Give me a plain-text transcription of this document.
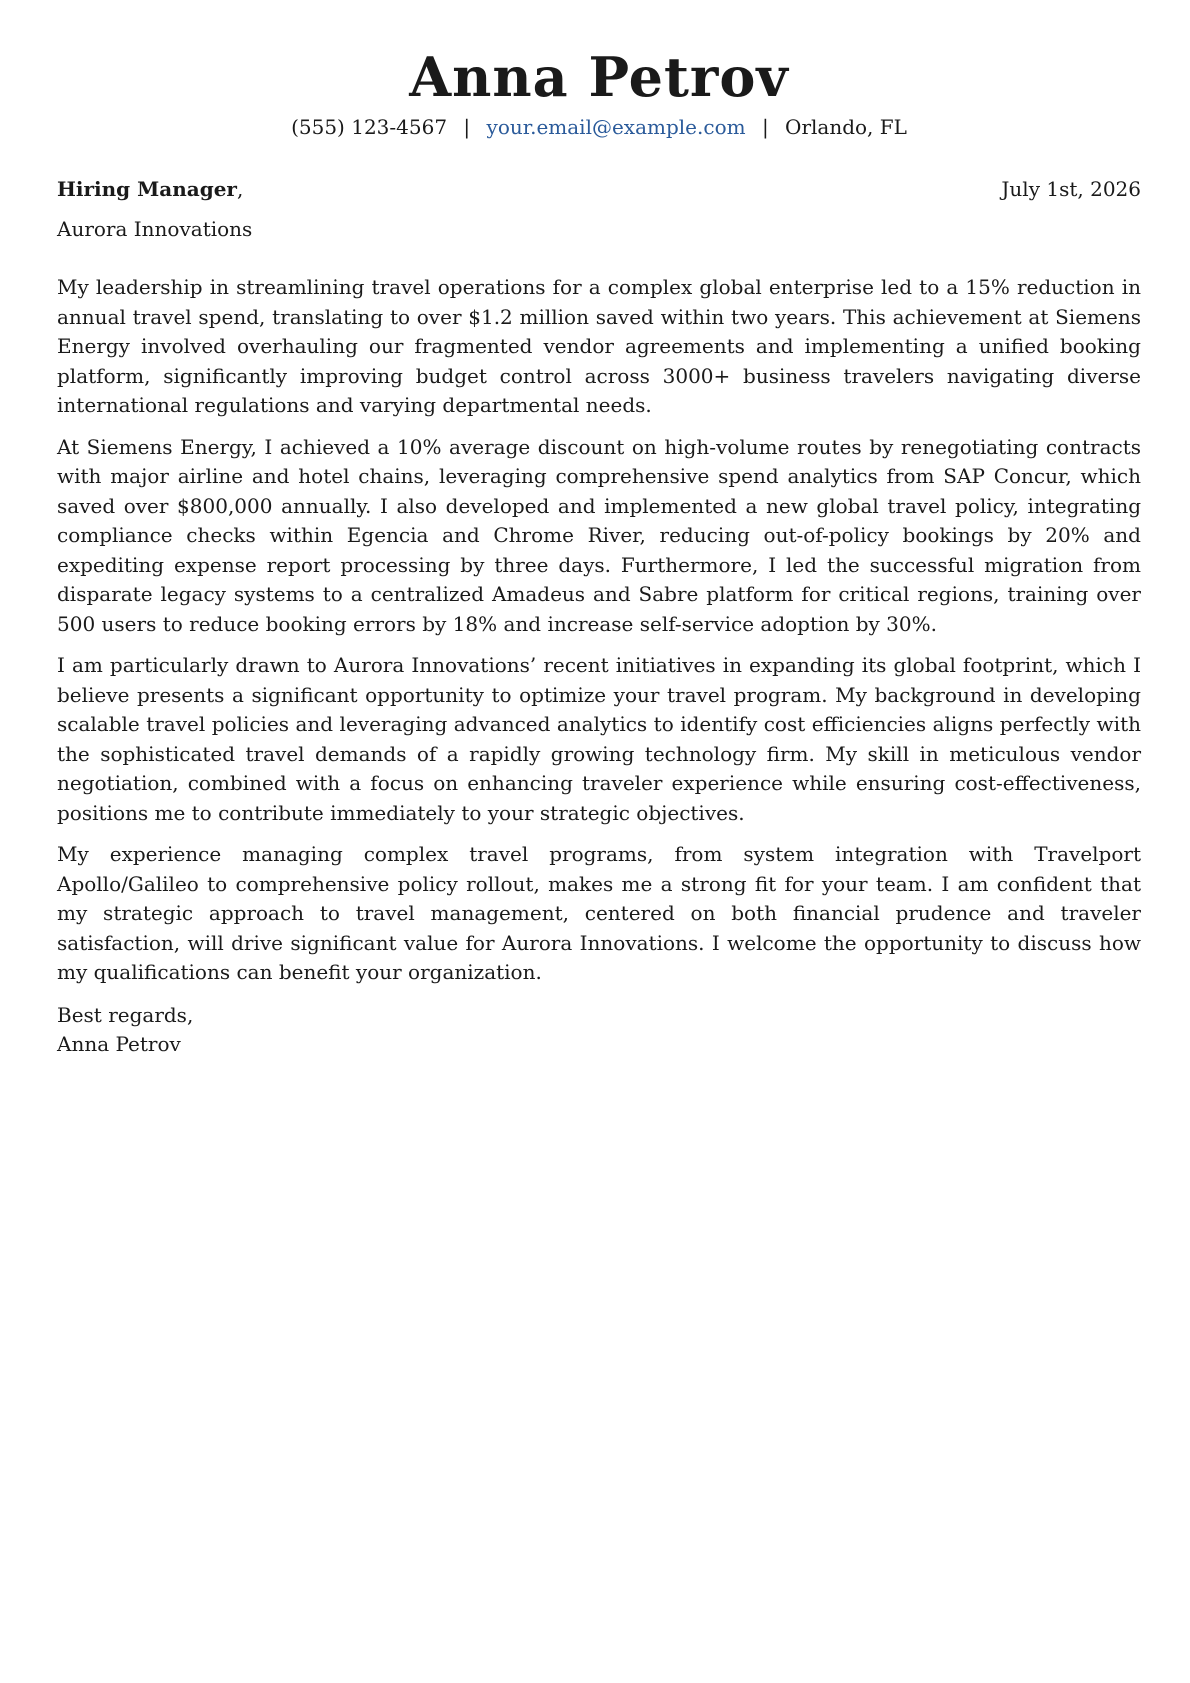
Anna Petrov
(555) 123-4567 | your.email@example.com | Orlando, FL
Hiring Manager,	July 1st, 2026
Aurora Innovations

My leadership in streamlining travel operations for a complex global enterprise led to a 15% reduction in annual travel spend, translating to over $1.2 million saved within two years. This achievement at Siemens Energy involved overhauling our fragmented vendor agreements and implementing a unified booking platform, significantly improving budget control across 3000+ business travelers navigating diverse international regulations and varying departmental needs.

At Siemens Energy, I achieved a 10% average discount on high-volume routes by renegotiating contracts with major airline and hotel chains, leveraging comprehensive spend analytics from SAP Concur, which saved over $800,000 annually. I also developed and implemented a new global travel policy, integrating compliance checks within Egencia and Chrome River, reducing out-of-policy bookings by 20% and expediting expense report processing by three days. Furthermore, I led the successful migration from disparate legacy systems to a centralized Amadeus and Sabre platform for critical regions, training over 500 users to reduce booking errors by 18% and increase self-service adoption by 30%.

I am particularly drawn to Aurora Innovations’ recent initiatives in expanding its global footprint, which I believe presents a significant opportunity to optimize your travel program. My background in developing scalable travel policies and leveraging advanced analytics to identify cost efficiencies aligns perfectly with the sophisticated travel demands of a rapidly growing technology firm. My skill in meticulous vendor negotiation, combined with a focus on enhancing traveler experience while ensuring cost-effectiveness, positions me to contribute immediately to your strategic objectives.

My experience managing complex travel programs, from system integration with Travelport Apollo/Galileo to comprehensive policy rollout, makes me a strong fit for your team. I am confident that my strategic approach to travel management, centered on both financial prudence and traveler satisfaction, will drive significant value for Aurora Innovations. I welcome the opportunity to discuss how my qualifications can benefit your organization.

Best regards,
Anna Petrov
